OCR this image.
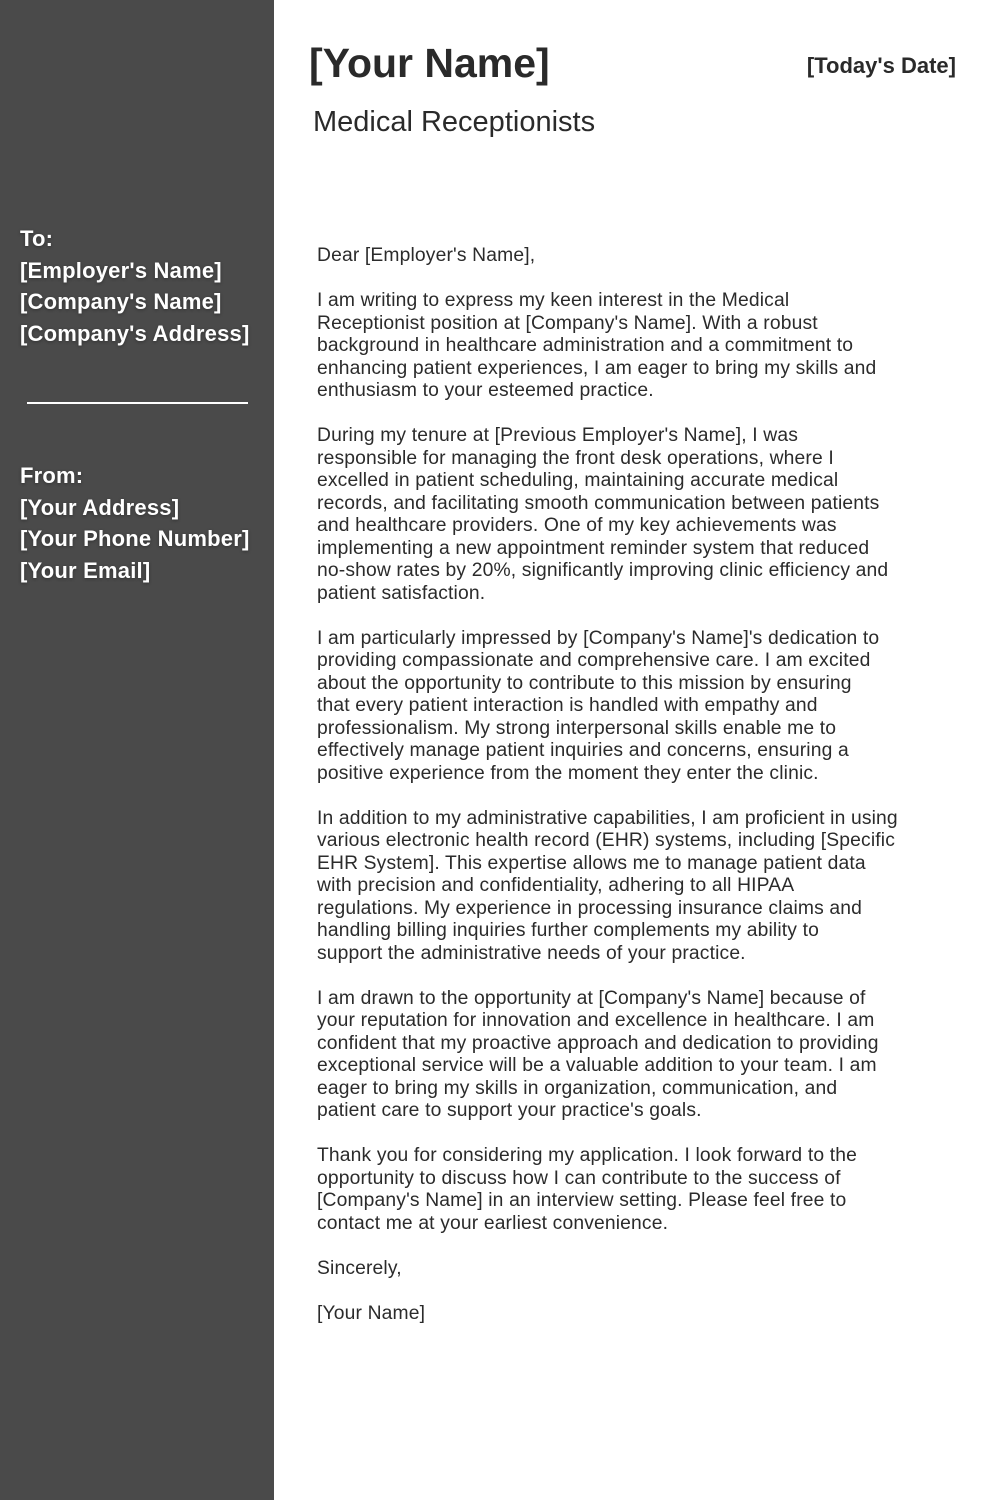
To:
[Employer's Name]
[Company's Name]
[Company's Address]
From:
[Your Address]
[Your Phone Number]
[Your Email]
[Your Name]	[Today's Date]
Medical Receptionists

Dear [Employer's Name],

I am writing to express my keen interest in the Medical
Receptionist position at [Company's Name]. With a robust
background in healthcare administration and a commitment to
enhancing patient experiences, I am eager to bring my skills and
enthusiasm to your esteemed practice.

During my tenure at [Previous Employer's Name], I was
responsible for managing the front desk operations, where I
excelled in patient scheduling, maintaining accurate medical
records, and facilitating smooth communication between patients
and healthcare providers. One of my key achievements was
implementing a new appointment reminder system that reduced
no-show rates by 20%, significantly improving clinic efficiency and
patient satisfaction.

I am particularly impressed by [Company's Name]'s dedication to
providing compassionate and comprehensive care. I am excited
about the opportunity to contribute to this mission by ensuring
that every patient interaction is handled with empathy and
professionalism. My strong interpersonal skills enable me to
effectively manage patient inquiries and concerns, ensuring a
positive experience from the moment they enter the clinic.

In addition to my administrative capabilities, I am proficient in using
various electronic health record (EHR) systems, including [Specific
EHR System]. This expertise allows me to manage patient data
with precision and confidentiality, adhering to all HIPAA
regulations. My experience in processing insurance claims and
handling billing inquiries further complements my ability to
support the administrative needs of your practice.

I am drawn to the opportunity at [Company's Name] because of
your reputation for innovation and excellence in healthcare. I am
confident that my proactive approach and dedication to providing
exceptional service will be a valuable addition to your team. I am
eager to bring my skills in organization, communication, and
patient care to support your practice's goals.

Thank you for considering my application. I look forward to the
opportunity to discuss how I can contribute to the success of
[Company's Name] in an interview setting. Please feel free to
contact me at your earliest convenience.

Sincerely,

[Your Name]
